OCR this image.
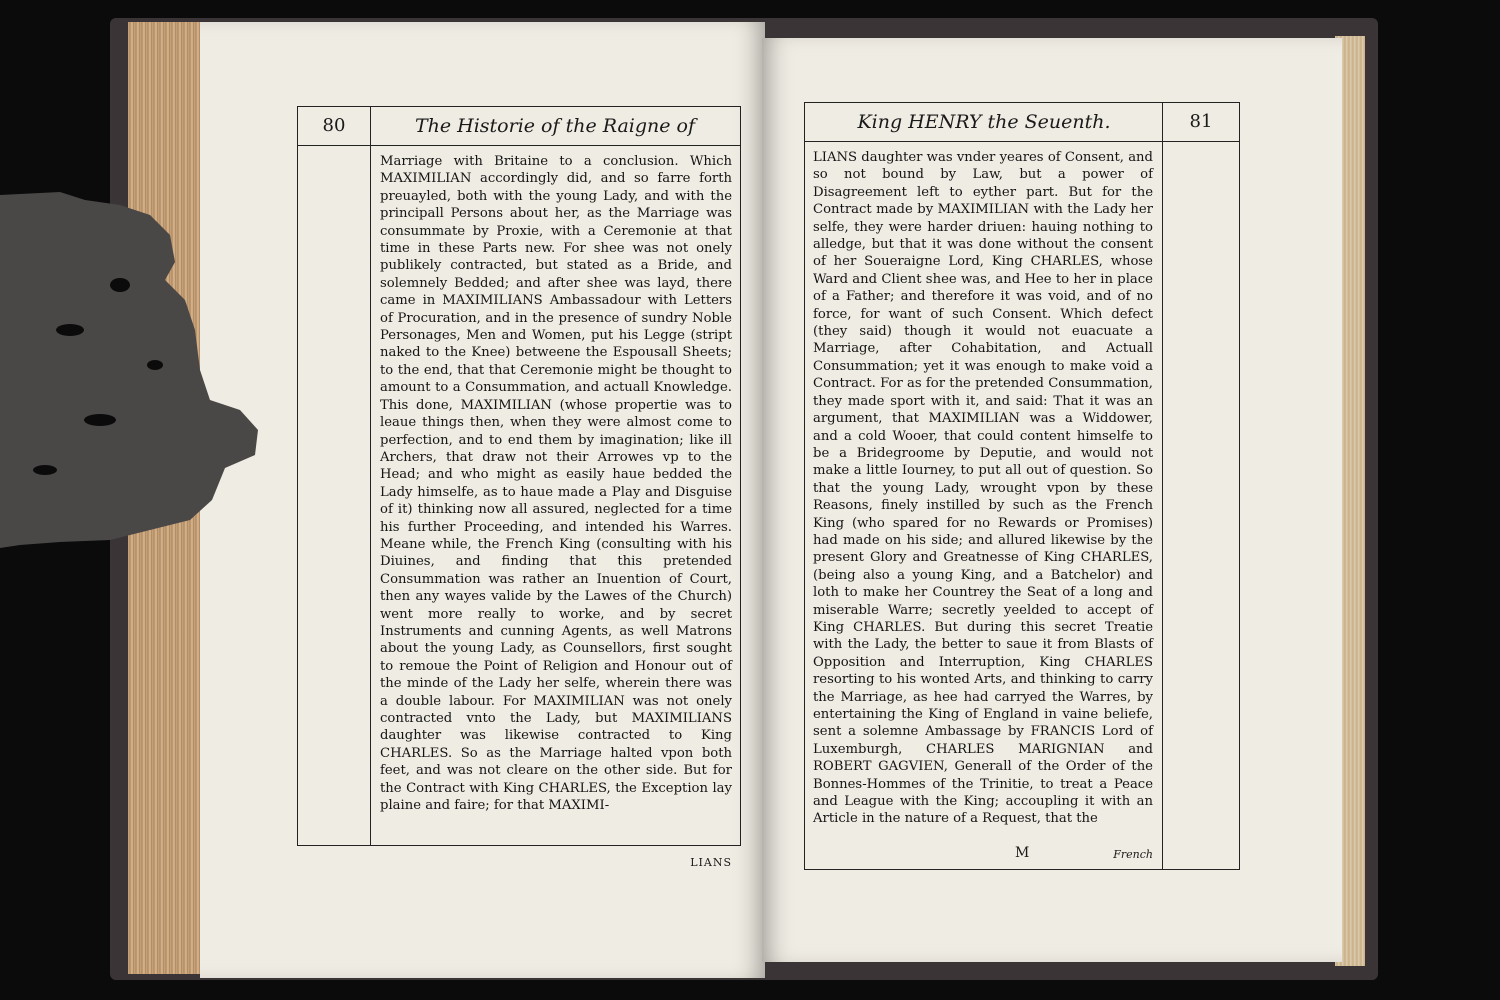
80	The Historie of the Raigne of
Marriage with Britaine to a conclusion. Which MAXIMILIAN accordingly did, and so farre forth preuayled, both with the young Lady, and with the principall Persons about her, as the Marriage was consummate by Proxie, with a Ceremonie at that time in these Parts new. For shee was not onely publikely contracted, but stated as a Bride, and solemnely Bedded; and after shee was layd, there came in MAXIMILIANS Ambassadour with Letters of Procuration, and in the presence of sundry Noble Personages, Men and Women, put his Legge (stript naked to the Knee) betweene the Espousall Sheets; to the end, that that Ceremonie might be thought to amount to a Consummation, and actuall Knowledge. This done, MAXIMILIAN (whose propertie was to leaue things then, when they were almost come to perfection, and to end them by imagination; like ill Archers, that draw not their Arrowes vp to the Head; and who might as easily haue bedded the Lady himselfe, as to haue made a Play and Disguise of it) thinking now all assured, neglected for a time his further Proceeding, and intended his Warres. Meane while, the French King (consulting with his Diuines, and finding that this pretended Consummation was rather an Inuention of Court, then any wayes valide by the Lawes of the Church) went more really to worke, and by secret Instruments and cunning Agents, as well Matrons about the young Lady, as Counsellors, first sought to remoue the Point of Religion and Honour out of the minde of the Lady her selfe, wherein there was a double labour. For MAXIMILIAN was not onely contracted vnto the Lady, but MAXIMILIANS daughter was likewise contracted to King CHARLES. So as the Marriage halted vpon both feet, and was not cleare on the other side. But for the Contract with King CHARLES, the Exception lay plaine and faire; for that MAXIMI-
LIANS
King HENRY the Seuenth.	81
LIANS daughter was vnder yeares of Consent, and so not bound by Law, but a power of Disagreement left to eyther part. But for the Contract made by MAXIMILIAN with the Lady her selfe, they were harder driuen: hauing nothing to alledge, but that it was done without the consent of her Soueraigne Lord, King CHARLES, whose Ward and Client shee was, and Hee to her in place of a Father; and therefore it was void, and of no force, for want of such Consent. Which defect (they said) though it would not euacuate a Marriage, after Cohabitation, and Actuall Consummation; yet it was enough to make void a Contract. For as for the pretended Consummation, they made sport with it, and said: That it was an argument, that MAXIMILIAN was a Widdower, and a cold Wooer, that could content himselfe to be a Bridegroome by Deputie, and would not make a little Iourney, to put all out of question. So that the young Lady, wrought vpon by these Reasons, finely instilled by such as the French King (who spared for no Rewards or Promises) had made on his side; and allured likewise by the present Glory and Greatnesse of King CHARLES, (being also a young King, and a Batchelor) and loth to make her Countrey the Seat of a long and miserable Warre; secretly yeelded to accept of King CHARLES. But during this secret Treatie with the Lady, the better to saue it from Blasts of Opposition and Interruption, King CHARLES resorting to his wonted Arts, and thinking to carry the Marriage, as hee had carryed the Warres, by entertaining the King of England in vaine beliefe, sent a solemne Ambassage by FRANCIS Lord of Luxemburgh, CHARLES MARIGNIAN and ROBERT GAGVIEN, Generall of the Order of the Bonnes-Hommes of the Trinitie, to treat a Peace and League with the King; accoupling it with an Article in the nature of a Request, that the
M	French
